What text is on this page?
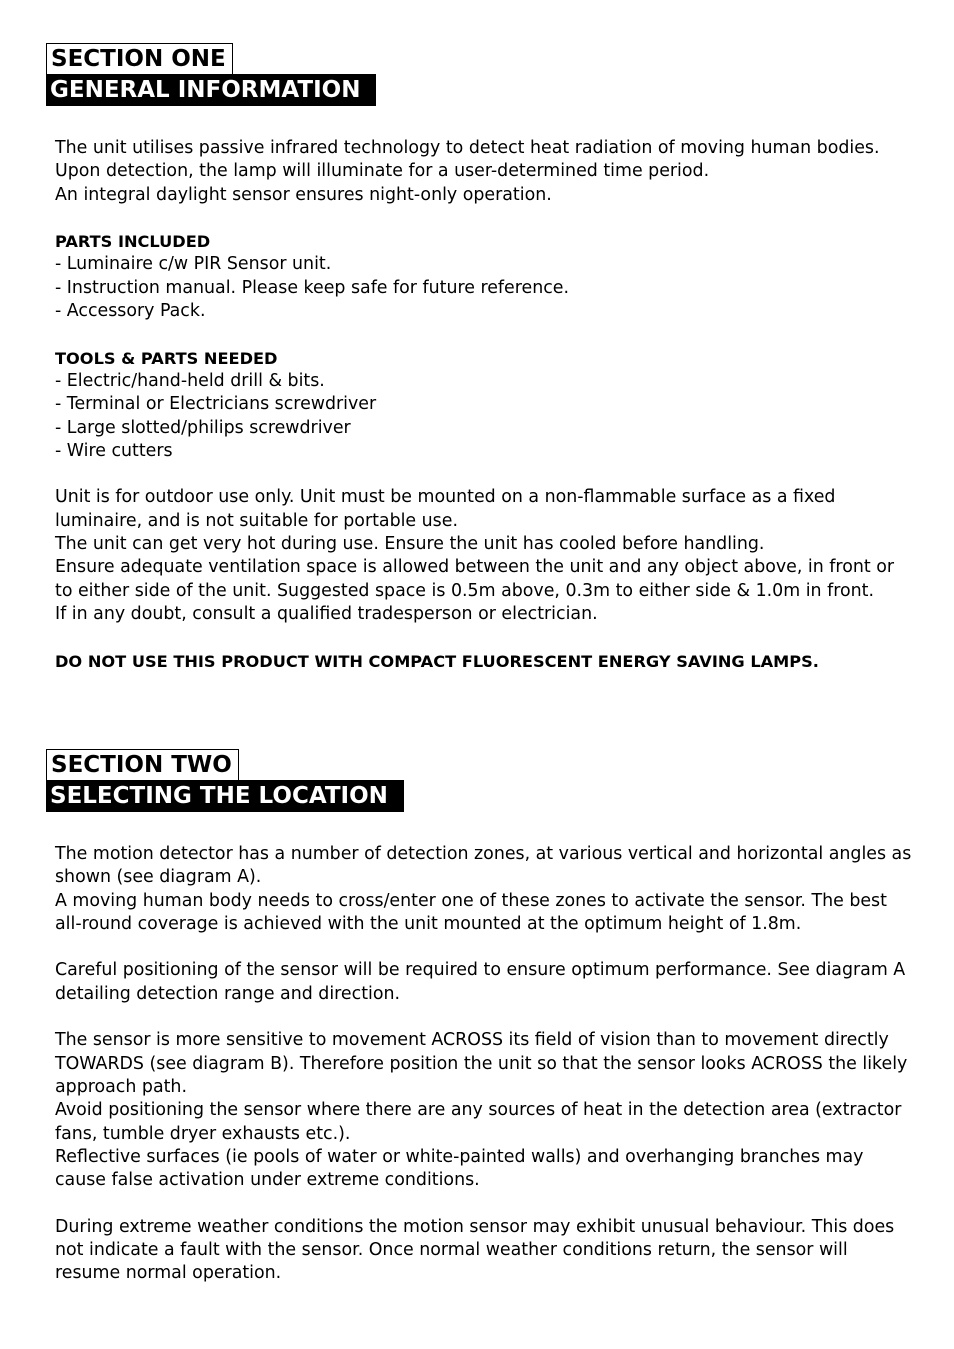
SECTION ONE
GENERAL INFORMATION

The unit utilises passive infrared technology to detect heat radiation of moving human bodies.

Upon detection, the lamp will illuminate for a user-determined time period.

An integral daylight sensor ensures night-only operation.

PARTS INCLUDED

- Luminaire c/w PIR Sensor unit.

- Instruction manual. Please keep safe for future reference.

- Accessory Pack.

TOOLS & PARTS NEEDED

- Electric/hand-held drill & bits.

- Terminal or Electricians screwdriver

- Large slotted/philips screwdriver

- Wire cutters

Unit is for outdoor use only. Unit must be mounted on a non-flammable surface as a fixed luminaire, and is not suitable for portable use.

The unit can get very hot during use. Ensure the unit has cooled before handling.

Ensure adequate ventilation space is allowed between the unit and any object above, in front or to either side of the unit. Suggested space is 0.5m above, 0.3m to either side & 1.0m in front.

If in any doubt, consult a qualified tradesperson or electrician.

DO NOT USE THIS PRODUCT WITH COMPACT FLUORESCENT ENERGY SAVING LAMPS.

SECTION TWO
SELECTING THE LOCATION

The motion detector has a number of detection zones, at various vertical and horizontal angles as shown (see diagram A).

A moving human body needs to cross/enter one of these zones to activate the sensor. The best

all-round coverage is achieved with the unit mounted at the optimum height of 1.8m.

Careful positioning of the sensor will be required to ensure optimum performance. See diagram A detailing detection range and direction.

The sensor is more sensitive to movement ACROSS its field of vision than to movement directly TOWARDS (see diagram B). Therefore position the unit so that the sensor looks ACROSS the likely approach path.

Avoid positioning the sensor where there are any sources of heat in the detection area (extractor fans, tumble dryer exhausts etc.).

Reflective surfaces (ie pools of water or white-painted walls) and overhanging branches may cause false activation under extreme conditions.

During extreme weather conditions the motion sensor may exhibit unusual behaviour. This does not indicate a fault with the sensor. Once normal weather conditions return, the sensor will resume normal operation.
